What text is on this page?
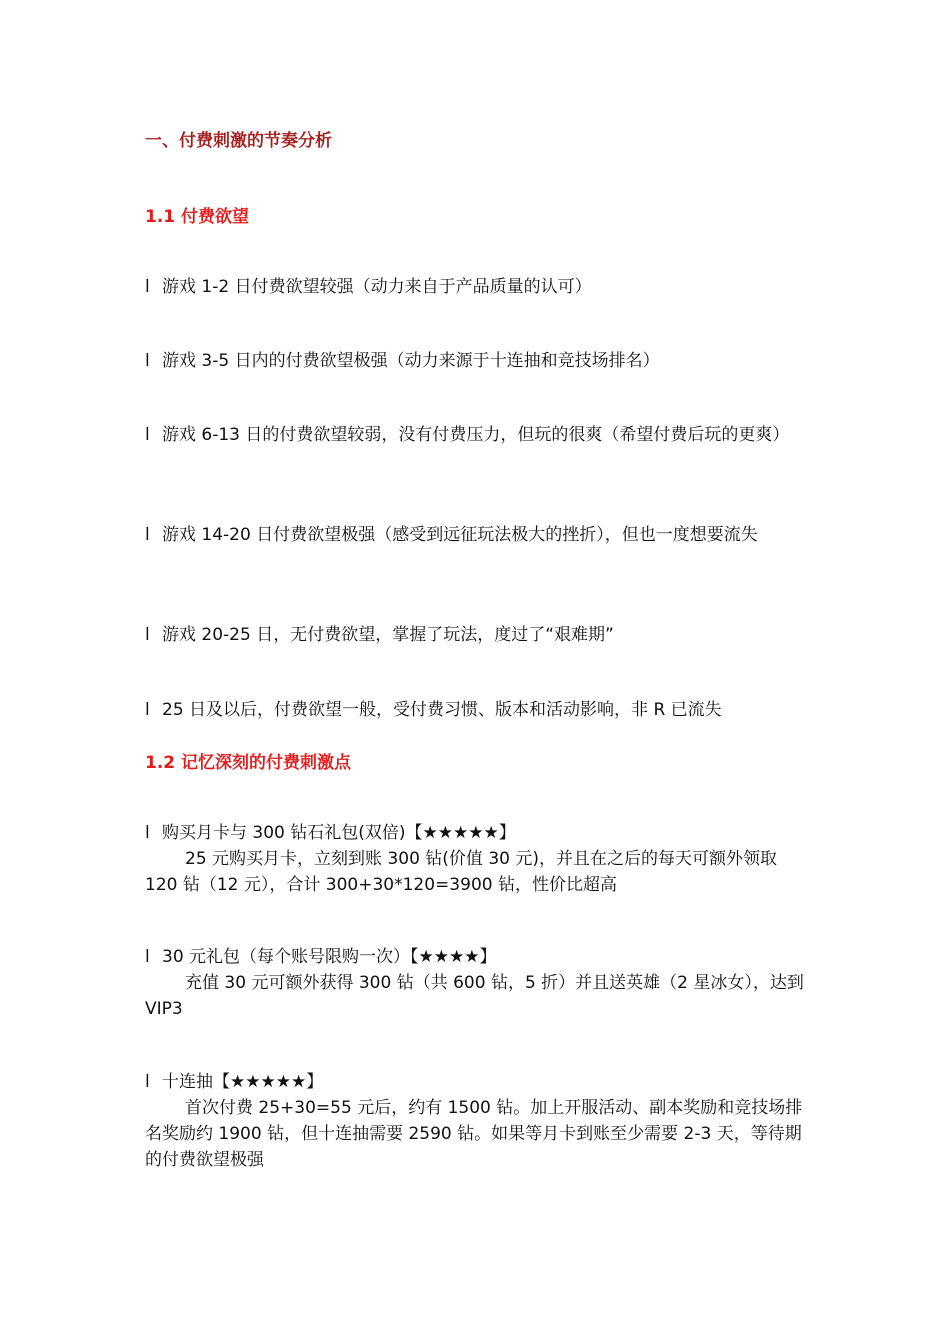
一、付费刺激的节奏分析
1.1 付费欲望
l 游戏 1-2 日付费欲望较强（动力来自于产品质量的认可）
l 游戏 3-5 日内的付费欲望极强（动力来源于十连抽和竞技场排名）
l 游戏 6-13 日的付费欲望较弱，没有付费压力，但玩的很爽（希望付费后玩的更爽）
l 游戏 14-20 日付费欲望极强（感受到远征玩法极大的挫折），但也一度想要流失
l 游戏 20-25 日，无付费欲望，掌握了玩法，度过了“艰难期”
l 25 日及以后，付费欲望一般，受付费习惯、版本和活动影响，非 R 已流失
1.2 记忆深刻的付费刺激点
l 购买月卡与 300 钻石礼包(双倍)【★★★★★】
25 元购买月卡，立刻到账 300 钻(价值 30 元)，并且在之后的每天可额外领取 120 钻（12 元），合计 300+30*120=3900 钻，性价比超高
l 30 元礼包（每个账号限购一次）【★★★★】
充值 30 元可额外获得 300 钻（共 600 钻，5 折）并且送英雄（2 星冰女），达到 VIP3
l 十连抽【★★★★★】
首次付费 25+30=55 元后，约有 1500 钻。加上开服活动、副本奖励和竞技场排名奖励约 1900 钻，但十连抽需要 2590 钻。如果等月卡到账至少需要 2-3 天，等待期的付费欲望极强
